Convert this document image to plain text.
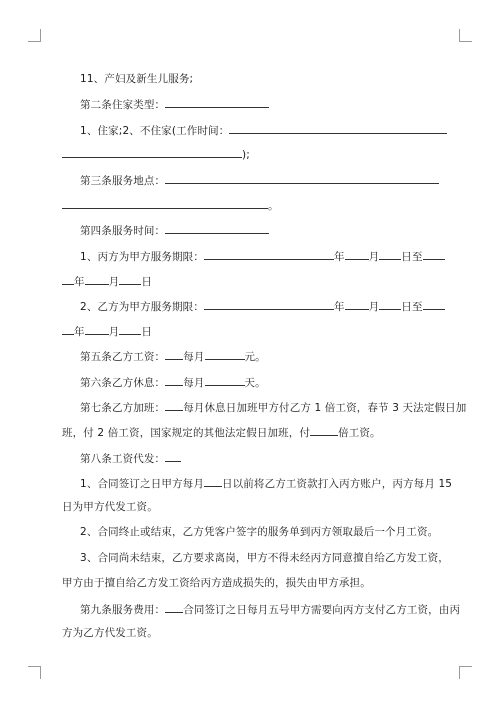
11、产妇及新生儿服务;
第二条住家类型：
1、住家;2、不住家(工作时间：
);
第三条服务地点：
。
第四条服务时间：
1、丙方为甲方服务期限：	年 月 日至
年 月 日
2、乙方为甲方服务期限：	年 月 日至
年 月 日
第五条乙方工资： 每月	元。
第六条乙方休息： 每月	天。
第七条乙方加班： 每月休息日加班甲方付乙方 1 倍工资，春节 3 天法定假日加
班，付 2 倍工资，国家规定的其他法定假日加班，付	倍工资。
第八条工资代发：
1、合同签订之日甲方每月 日以前将乙方工资款打入丙方账户，丙方每月 15
日为甲方代发工资。
2、合同终止或结束，乙方凭客户签字的服务单到丙方领取最后一个月工资。
3、合同尚未结束，乙方要求离岗，甲方不得未经丙方同意擅自给乙方发工资，
甲方由于擅自给乙方发工资给丙方造成损失的，损失由甲方承担。
第九条服务费用： 合同签订之日每月五号甲方需要向丙方支付乙方工资，由丙
方为乙方代发工资。
